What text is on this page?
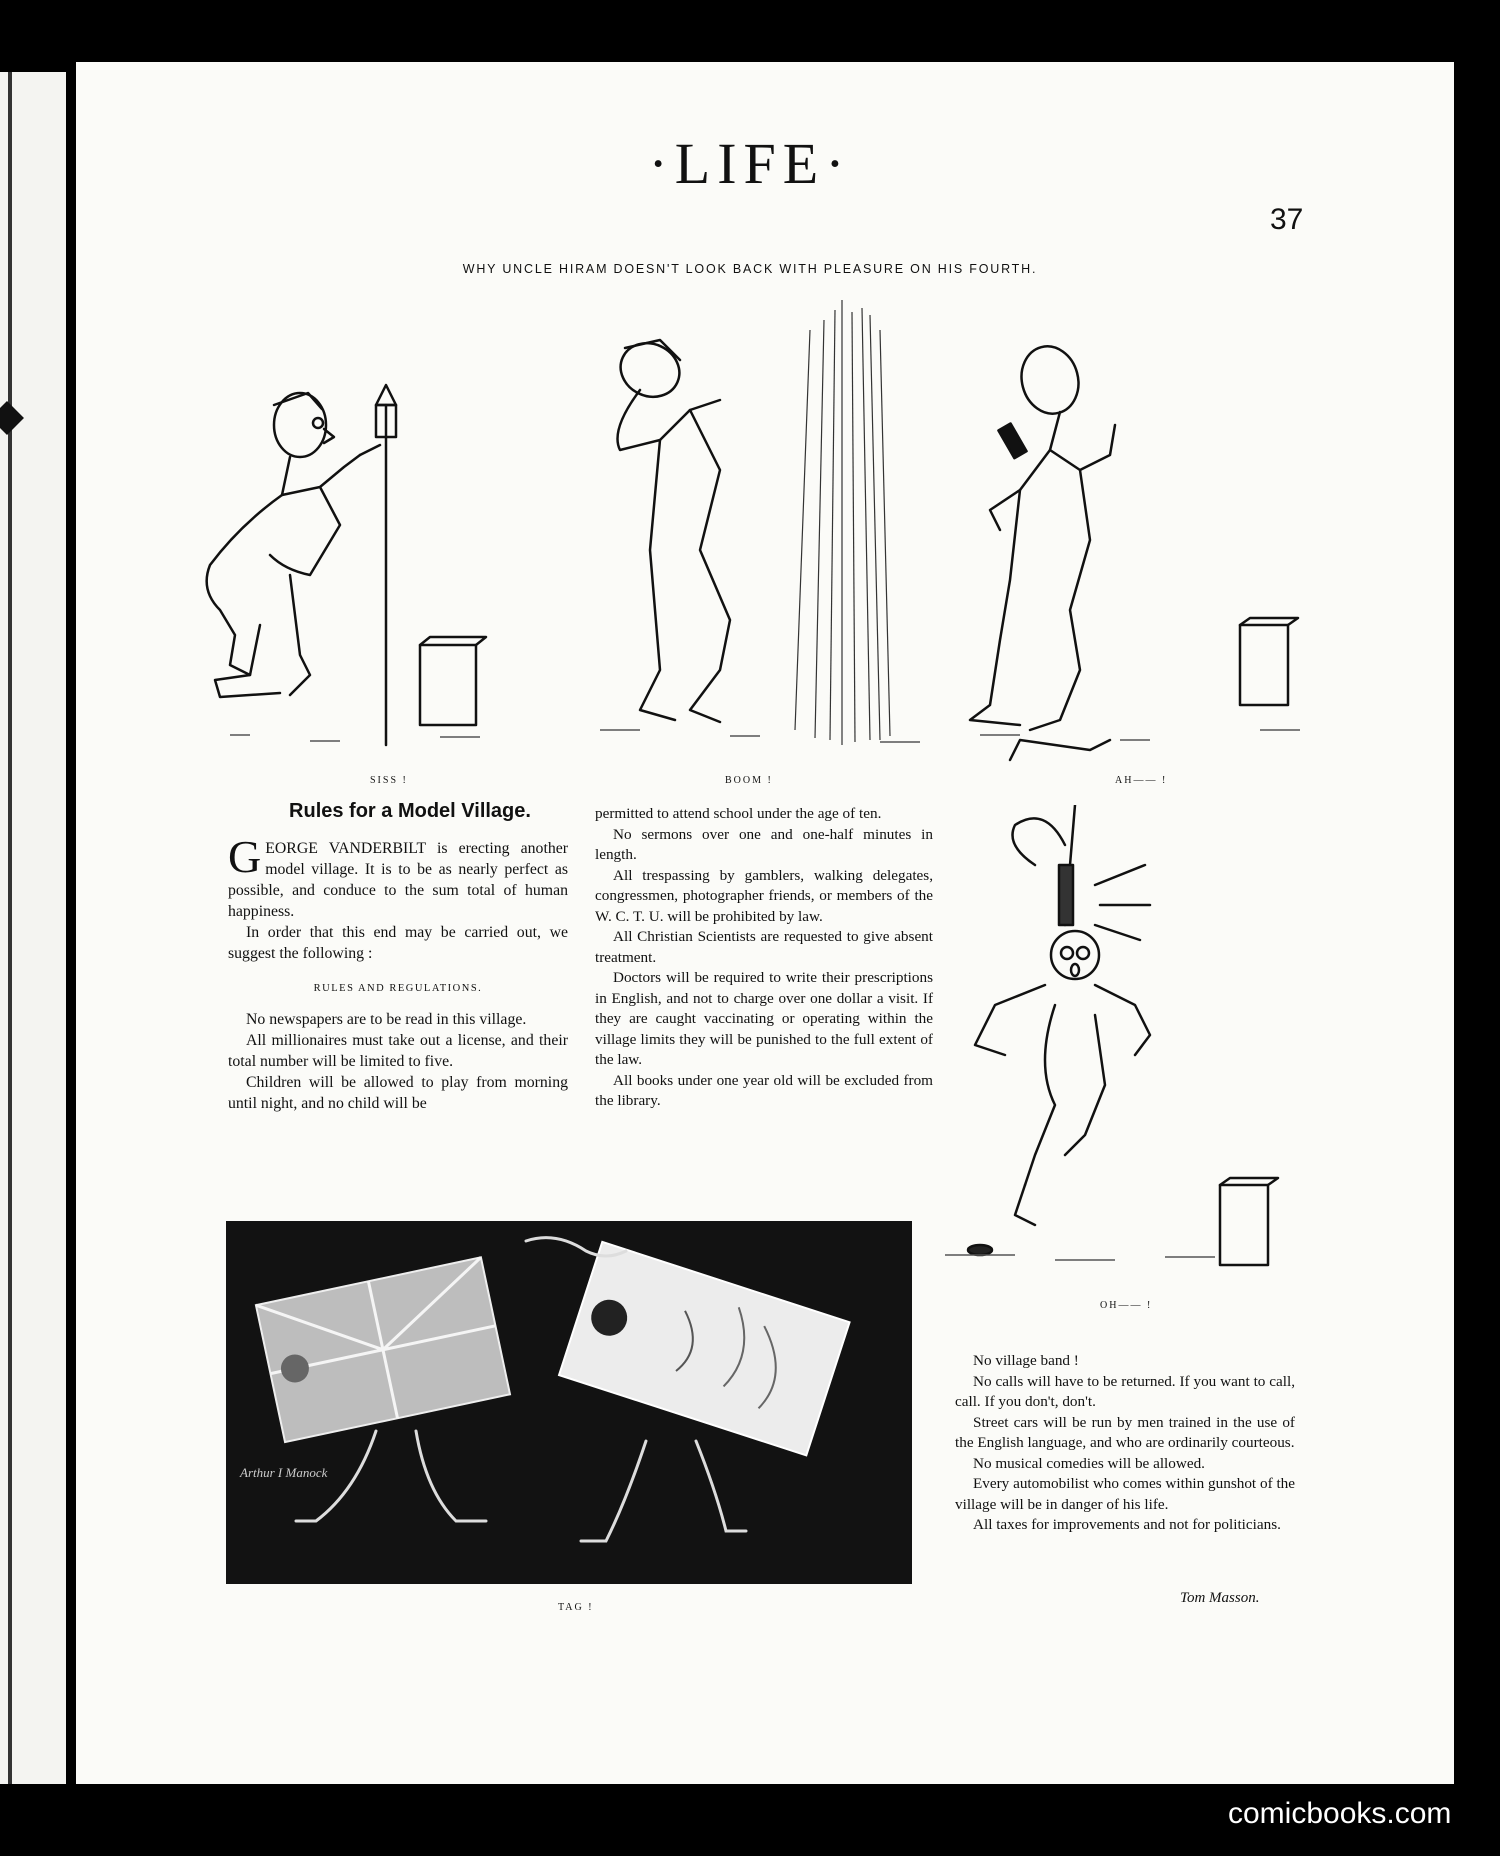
·LIFE·
37
WHY UNCLE HIRAM DOESN'T LOOK BACK WITH PLEASURE ON HIS FOURTH.
SISS !	BOOM !	AH—— !
OH—— !
Rules for a Model Village.
G EORGE VANDERBILT is erecting another model village. It is to be as nearly perfect as possible, and conduce to the sum total of human happiness.

In order that this end may be carried out, we suggest the following :

RULES AND REGULATIONS.

No newspapers are to be read in this village.

All millionaires must take out a license, and their total number will be limited to five.

Children will be allowed to play from morning until night, and no child will be

permitted to attend school under the age of ten.

No sermons over one and one-half minutes in length.

All trespassing by gamblers, walking delegates, congressmen, photographer friends, or members of the W. C. T. U. will be prohibited by law.

All Christian Scientists are requested to give absent treatment.

Doctors will be required to write their prescriptions in English, and not to charge over one dollar a visit. If they are caught vaccinating or operating within the village limits they will be punished to the full extent of the law.

All books under one year old will be excluded from the library.

No village band !

No calls will have to be returned. If you want to call, call. If you don't, don't.

Street cars will be run by men trained in the use of the English language, and who are ordinarily courteous.

No musical comedies will be allowed.

Every automobilist who comes within gunshot of the village will be in danger of his life.

All taxes for improvements and not for politicians.

Tom Masson.
Arthur I Manock
TAG !
comicbooks.com
